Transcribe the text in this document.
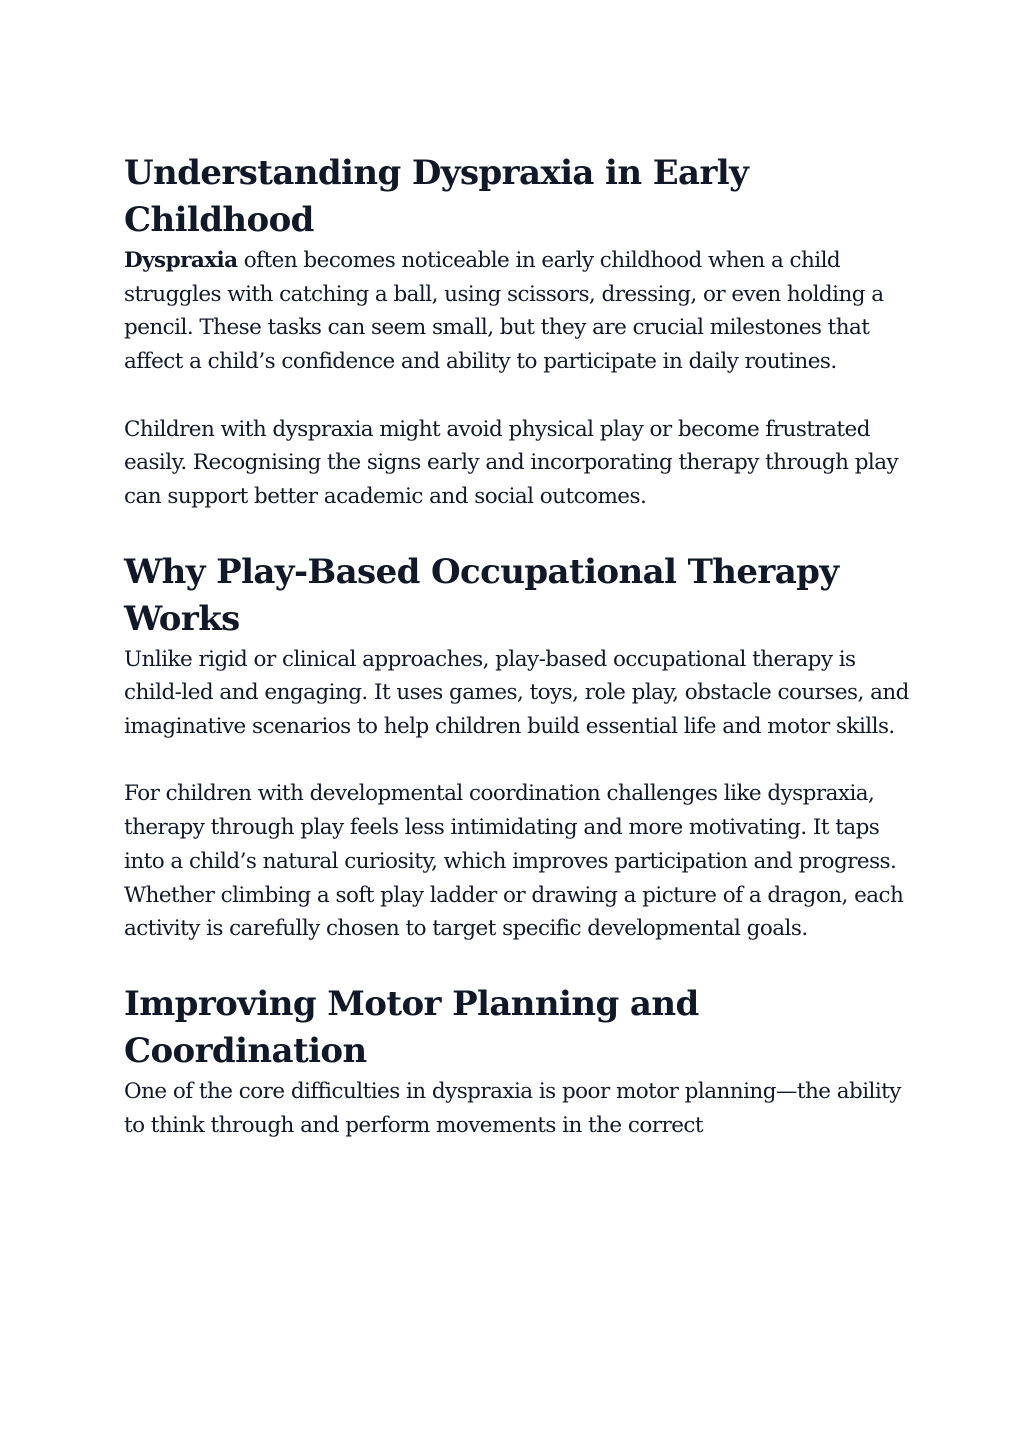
Understanding Dyspraxia in Early Childhood

Dyspraxia often becomes noticeable in early childhood when a child struggles with catching a ball, using scissors, dressing, or even holding a pencil. These tasks can seem small, but they are crucial milestones that affect a child’s confidence and ability to participate in daily routines.

Children with dyspraxia might avoid physical play or become frustrated easily. Recognising the signs early and incorporating therapy through play can support better academic and social outcomes.

Why Play-Based Occupational Therapy Works

Unlike rigid or clinical approaches, play-based occupational therapy is child-led and engaging. It uses games, toys, role play, obstacle courses, and imaginative scenarios to help children build essential life and motor skills.

For children with developmental coordination challenges like dyspraxia, therapy through play feels less intimidating and more motivating. It taps into a child’s natural curiosity, which improves participation and progress. Whether climbing a soft play ladder or drawing a picture of a dragon, each activity is carefully chosen to target specific developmental goals.

Improving Motor Planning and Coordination

One of the core difficulties in dyspraxia is poor motor planning—the ability to think through and perform movements in the correct
